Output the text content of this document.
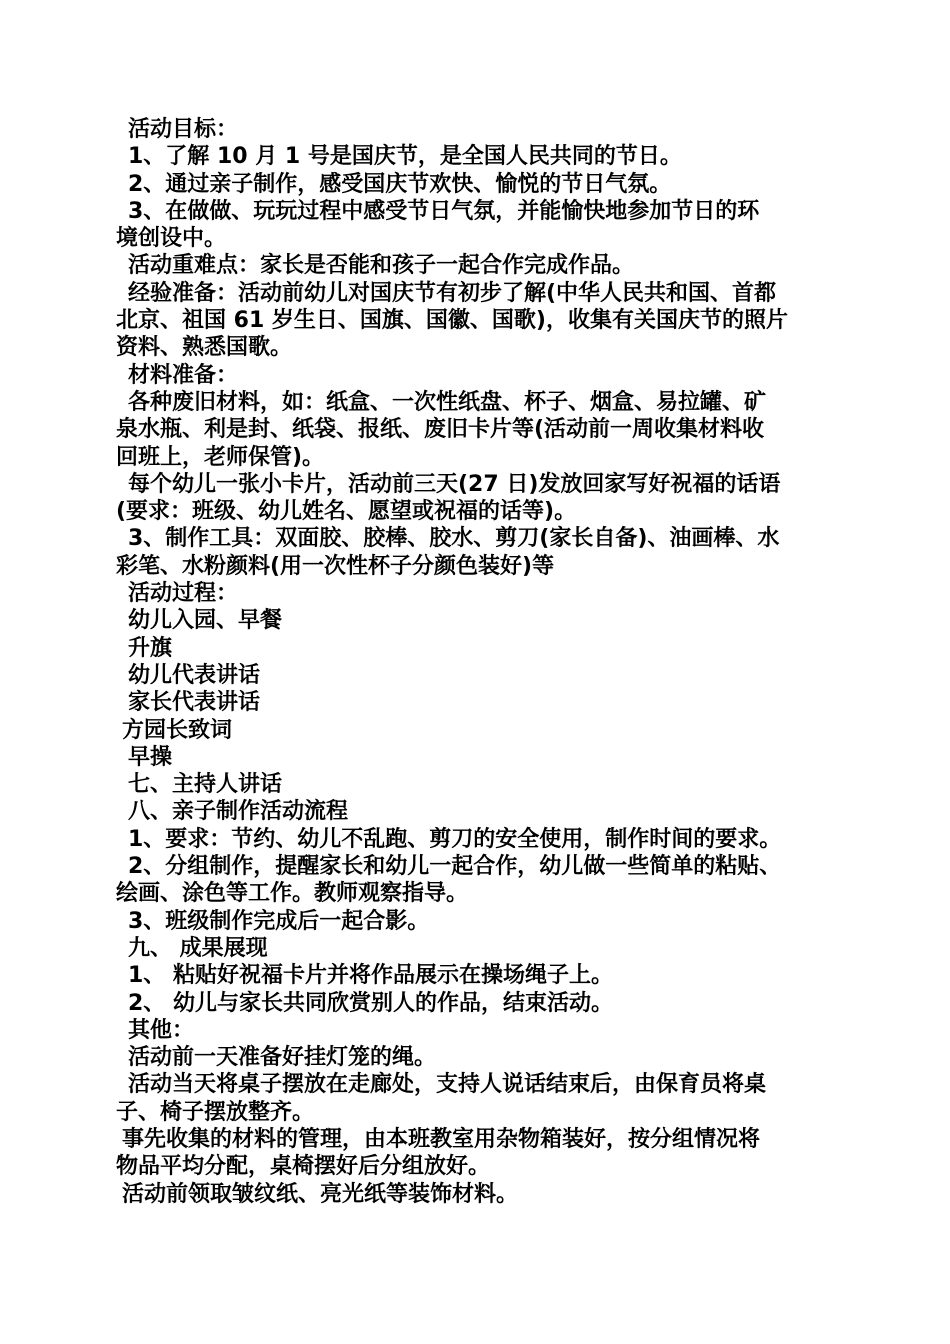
活动目标：

1、了解 10 月 1 号是国庆节，是全国人民共同的节日。

2、通过亲子制作，感受国庆节欢快、愉悦的节日气氛。

3、在做做、玩玩过程中感受节日气氛，并能愉快地参加节日的环

境创设中。

活动重难点：家长是否能和孩子一起合作完成作品。

经验准备：活动前幼儿对国庆节有初步了解(中华人民共和国、首都

北京、祖国 61 岁生日、国旗、国徽、国歌)，收集有关国庆节的照片

资料、熟悉国歌。

材料准备：

各种废旧材料，如：纸盒、一次性纸盘、杯子、烟盒、易拉罐、矿

泉水瓶、利是封、纸袋、报纸、废旧卡片等(活动前一周收集材料收

回班上，老师保管)。

每个幼儿一张小卡片，活动前三天(27 日)发放回家写好祝福的话语

(要求：班级、幼儿姓名、愿望或祝福的话等)。

3、制作工具：双面胶、胶棒、胶水、剪刀(家长自备)、油画棒、水

彩笔、水粉颜料(用一次性杯子分颜色装好)等

活动过程：

幼儿入园、早餐

升旗

幼儿代表讲话

家长代表讲话

方园长致词

早操

七、主持人讲话

八、亲子制作活动流程

1、要求：节约、幼儿不乱跑、剪刀的安全使用，制作时间的要求。

2、分组制作，提醒家长和幼儿一起合作，幼儿做一些简单的粘贴、

绘画、涂色等工作。教师观察指导。

3、班级制作完成后一起合影。

九、 成果展现

1、 粘贴好祝福卡片并将作品展示在操场绳子上。

2、 幼儿与家长共同欣赏别人的作品，结束活动。

其他：

活动前一天准备好挂灯笼的绳。

活动当天将桌子摆放在走廊处，支持人说话结束后，由保育员将桌

子、椅子摆放整齐。

事先收集的材料的管理，由本班教室用杂物箱装好，按分组情况将

物品平均分配，桌椅摆好后分组放好。

活动前领取皱纹纸、亮光纸等装饰材料。
